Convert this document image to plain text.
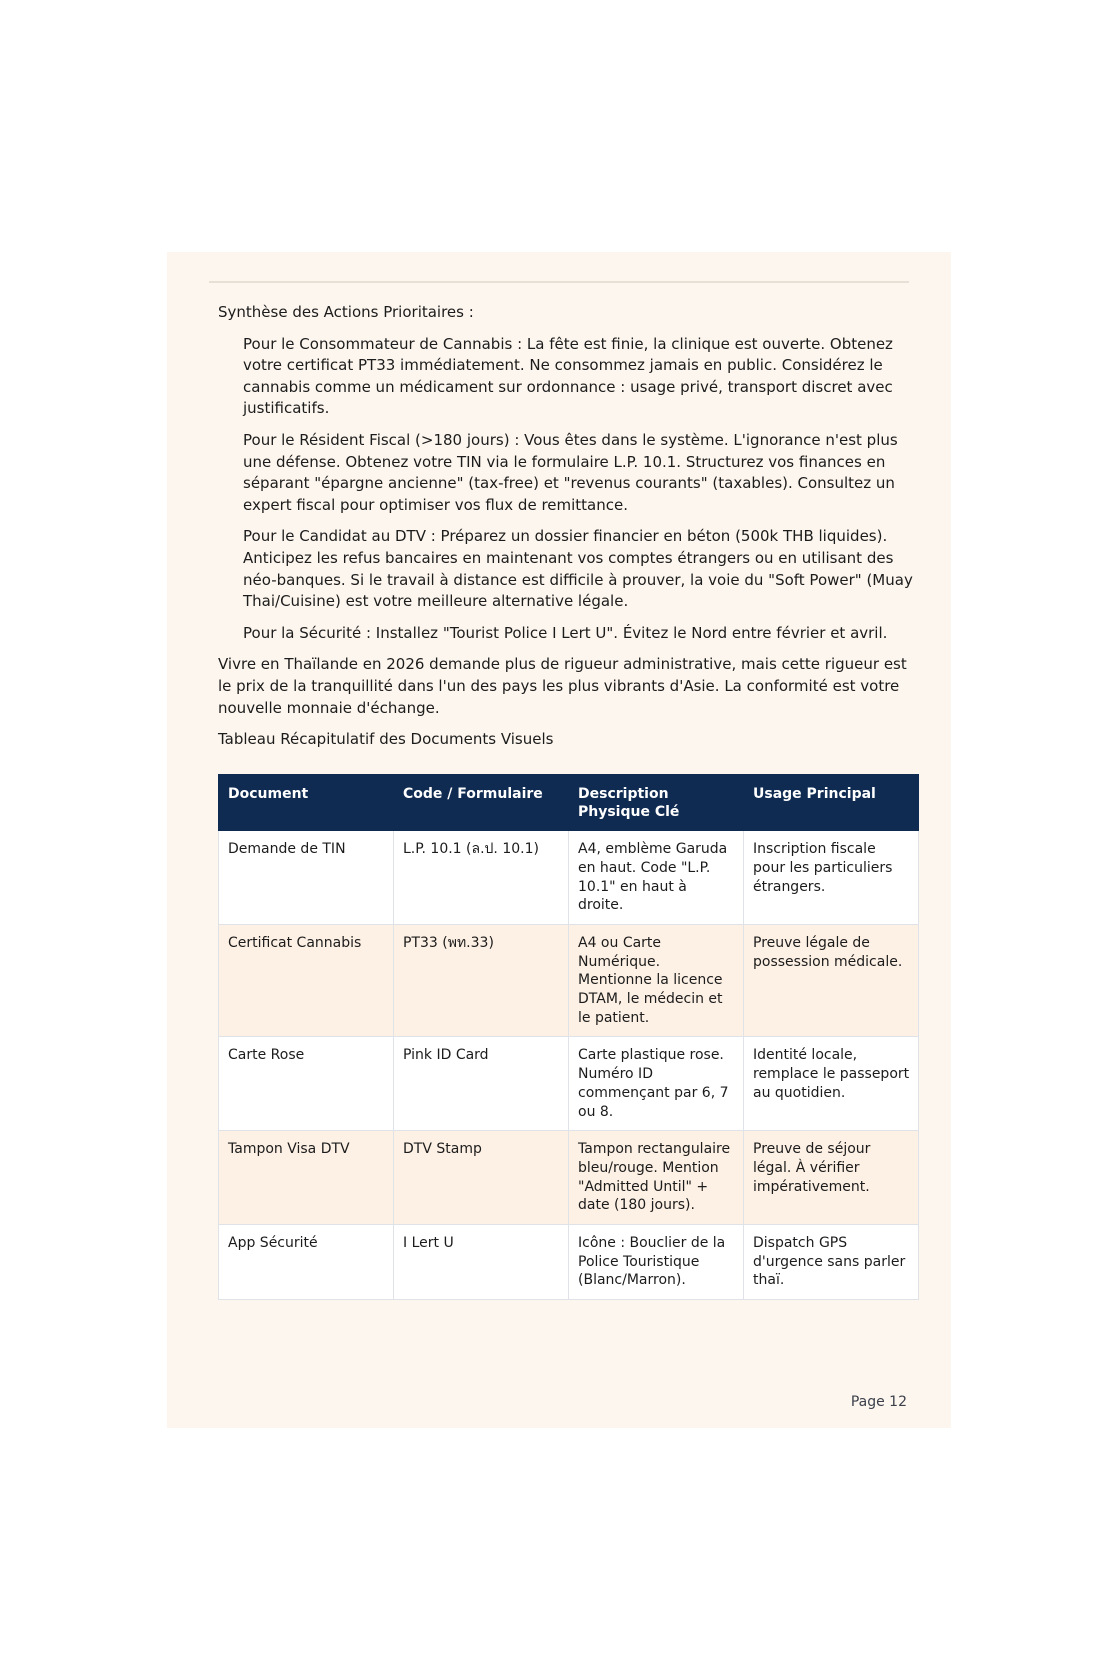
Synthèse des Actions Prioritaires :

Pour le Consommateur de Cannabis : La fête est finie, la clinique est ouverte. Obtenez votre certificat PT33 immédiatement. Ne consommez jamais en public. Considérez le cannabis comme un médicament sur ordonnance : usage privé, transport discret avec justificatifs.

Pour le Résident Fiscal (>180 jours) : Vous êtes dans le système. L'ignorance n'est plus une défense. Obtenez votre TIN via le formulaire L.P. 10.1. Structurez vos finances en séparant "épargne ancienne" (tax-free) et "revenus courants" (taxables). Consultez un expert fiscal pour optimiser vos flux de remittance.

Pour le Candidat au DTV : Préparez un dossier financier en béton (500k THB liquides). Anticipez les refus bancaires en maintenant vos comptes étrangers ou en utilisant des néo-banques. Si le travail à distance est difficile à prouver, la voie du "Soft Power" (Muay Thai/Cuisine) est votre meilleure alternative légale.

Pour la Sécurité : Installez "Tourist Police I Lert U". Évitez le Nord entre février et avril.

Vivre en Thaïlande en 2026 demande plus de rigueur administrative, mais cette rigueur est le prix de la tranquillité dans l'un des pays les plus vibrants d'Asie. La conformité est votre nouvelle monnaie d'échange.

Tableau Récapitulatif des Documents Visuels

Document	Code / Formulaire	Description Physique Clé	Usage Principal
Demande de TIN	L.P. 10.1 (ล.ป. 10.1)	A4, emblème Garuda en haut. Code "L.P. 10.1" en haut à droite.	Inscription fiscale pour les particuliers étrangers.
Certificat Cannabis	PT33 (พท.33)	A4 ou Carte Numérique. Mentionne la licence DTAM, le médecin et le patient.	Preuve légale de possession médicale.
Carte Rose	Pink ID Card	Carte plastique rose. Numéro ID commençant par 6, 7 ou 8.	Identité locale, remplace le passeport au quotidien.
Tampon Visa DTV	DTV Stamp	Tampon rectangulaire bleu/rouge. Mention "Admitted Until" + date (180 jours).	Preuve de séjour légal. À vérifier impérativement.
App Sécurité	I Lert U	Icône : Bouclier de la Police Touristique (Blanc/Marron).	Dispatch GPS d'urgence sans parler thaï.
Page 12
